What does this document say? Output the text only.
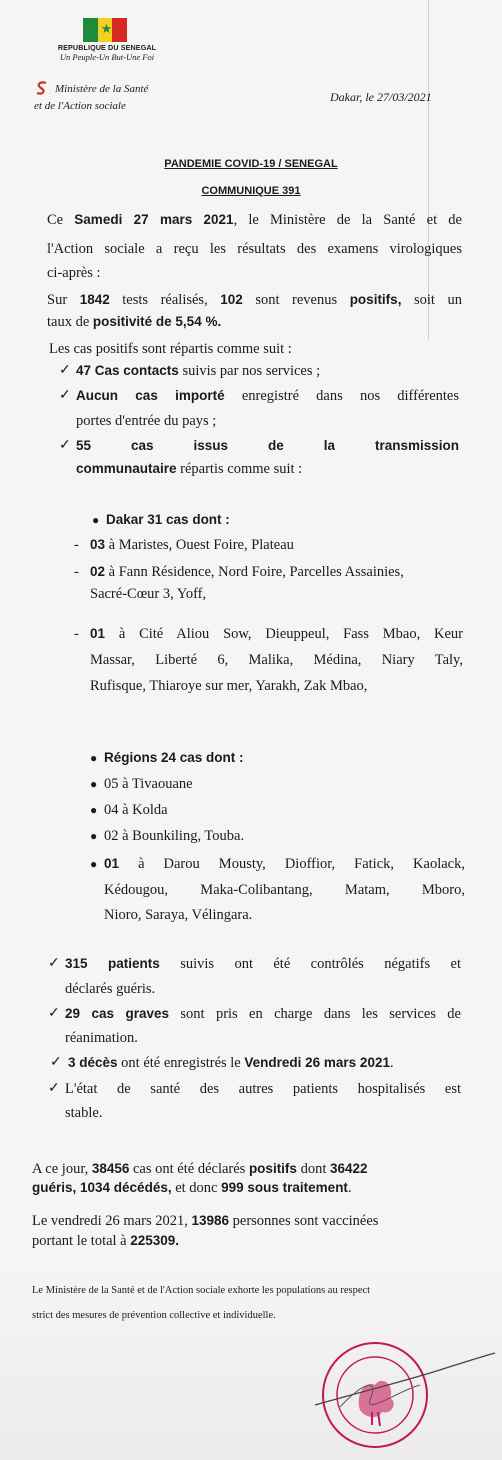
★
REPUBLIQUE DU SENEGAL
Un Peuple-Un But-Une Foi
Ministère de la Santé
et de l'Action sociale
Dakar, le 27/03/2021
PANDEMIE COVID-19 / SENEGAL
COMMUNIQUE 391
Ce Samedi 27 mars 2021, le Ministère de la Santé et de
l'Action sociale a reçu les résultats des examens virologiques
ci-après :
Sur 1842 tests réalisés, 102 sont revenus positifs, soit un
taux de positivité de 5,54 %.
Les cas positifs sont répartis comme suit :
✓ 47 Cas contacts suivis par nos services ;
✓ Aucun cas importé enregistré dans nos différentes
portes d'entrée du pays ;
✓ 55	cas	issus	de	la	transmission
communautaire répartis comme suit :
● Dakar 31 cas dont :
- 03 à Maristes, Ouest Foire, Plateau
- 02 à Fann Résidence, Nord Foire, Parcelles Assainies,
Sacré-Cœur 3, Yoff,
- 01 à Cité Aliou Sow, Dieuppeul, Fass Mbao, Keur
Massar, Liberté 6, Malika, Médina, Niary Taly,
Rufisque, Thiaroye sur mer, Yarakh, Zak Mbao,
● Régions 24 cas dont :
● 05 à Tivaouane
● 04 à Kolda
● 02 à Bounkiling, Touba.
● 01 à Darou Mousty, Dioffior, Fatick, Kaolack,
Kédougou, Maka-Colibantang, Matam, Mboro,
Nioro, Saraya, Vélingara.
✓ 315 patients suivis ont été contrôlés négatifs et
déclarés guéris.
✓ 29 cas graves sont pris en charge dans les services de
réanimation.
✓ 3 décès ont été enregistrés le Vendredi 26 mars 2021.
✓ L'état de santé des autres patients hospitalisés est
stable.
A ce jour, 38456 cas ont été déclarés positifs dont 36422
guéris, 1034 décédés, et donc 999 sous traitement.
Le vendredi 26 mars 2021, 13986 personnes sont vaccinées
portant le total à 225309.
Le Ministère de la Santé et de l'Action sociale exhorte les populations au respect
strict des mesures de prévention collective et individuelle.
